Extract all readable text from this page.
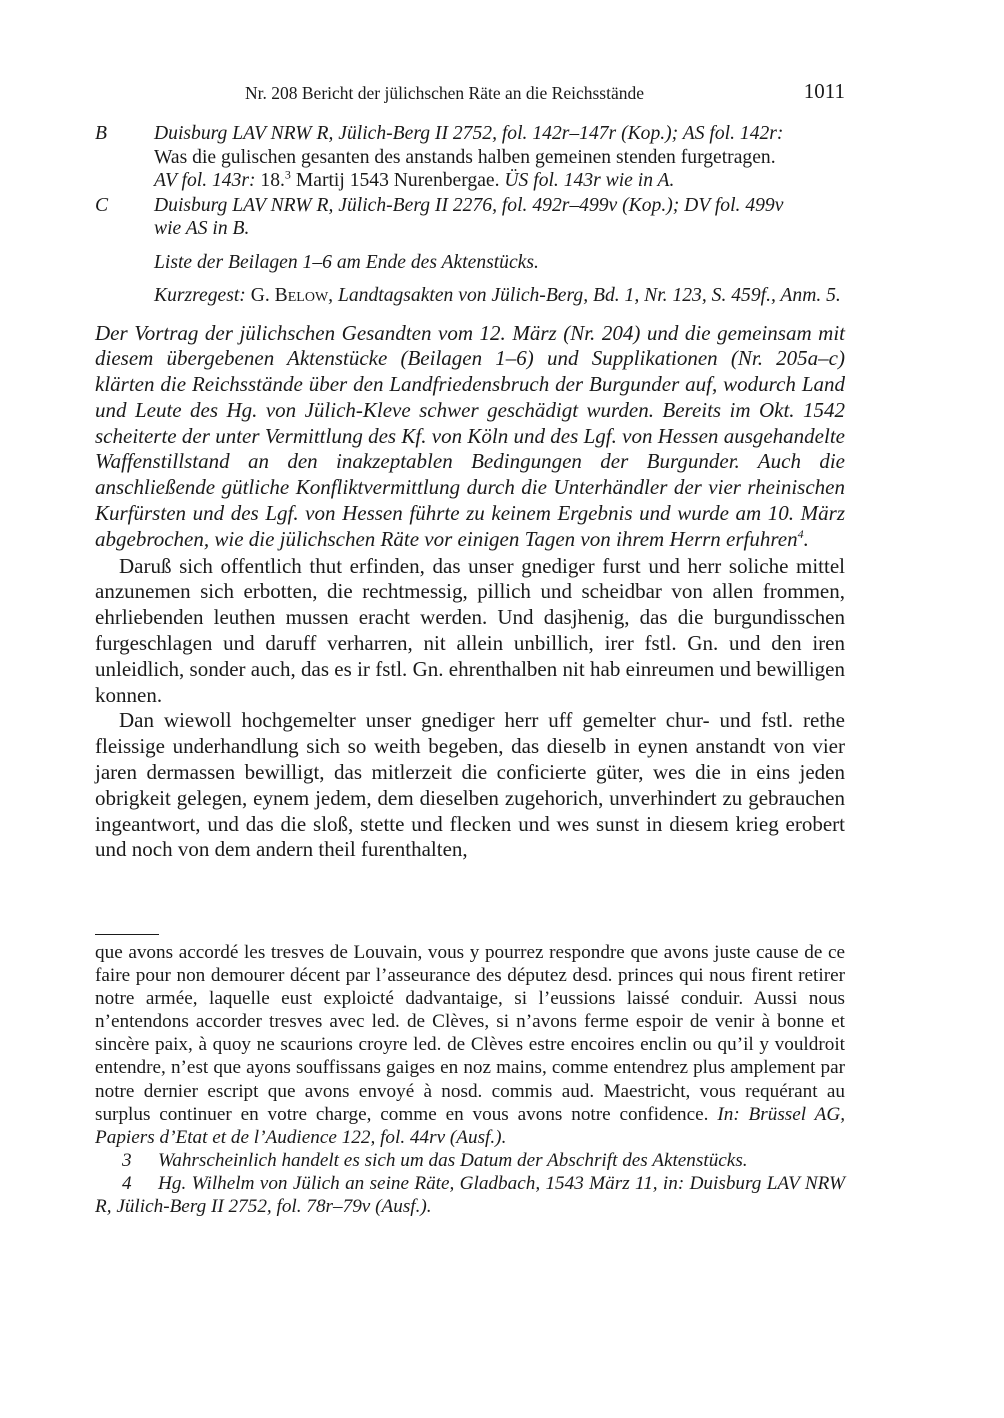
Nr. 208 Bericht der jülichschen Räte an die Reichsstände	1011
B Duisburg LAV NRW R, Jülich-Berg II 2752, fol. 142r–147r (Kop.); AS fol. 142r:
Was die gulischen gesanten des anstands halben gemeinen stenden furgetragen.
AV fol. 143r: 18.$^3$ Martij 1543 Nurenbergae. ÜS fol. 143r wie in A.
C Duisburg LAV NRW R, Jülich-Berg II 2276, fol. 492r–499v (Kop.); DV fol. 499v
wie AS in B.
Liste der Beilagen 1–6 am Ende des Aktenstücks.
Kurzregest: G. Below, Landtagsakten von Jülich-Berg, Bd. 1, Nr. 123, S. 459f., Anm. 5.
Der Vortrag der jülichschen Gesandten vom 12. März (Nr. 204) und die gemeinsam mit diesem übergebenen Aktenstücke (Beilagen 1–6) und Supplikationen (Nr. 205a–c) klärten die Reichsstände über den Landfriedensbruch der Burgunder auf, wodurch Land und Leute des Hg. von Jülich-Kleve schwer geschädigt wurden. Bereits im Okt. 1542 scheiterte der unter Vermittlung des Kf. von Köln und des Lgf. von Hessen ausgehandelte Waffenstillstand an den inakzeptablen Bedingungen der Burgunder. Auch die anschließende gütliche Konfliktvermittlung durch die Unterhändler der vier rheinischen Kurfürsten und des Lgf. von Hessen führte zu keinem Ergebnis und wurde am 10. März abgebrochen, wie die jülichschen Räte vor einigen Tagen von ihrem Herrn erfuhren$^4$.

Daruß sich offentlich thut erfinden, das unser gnediger furst und herr soliche mittel anzunemen sich erbotten, die rechtmessig, pillich und scheidbar von allen frommen, ehrliebenden leuthen mussen eracht werden. Und dasjhenig, das die burgundisschen furgeschlagen und daruff verharren, nit allein unbillich, irer fstl. Gn. und den iren unleidlich, sonder auch, das es ir fstl. Gn. ehrenthalben nit hab einreumen und bewilligen konnen.

Dan wiewoll hochgemelter unser gnediger herr uff gemelter chur- und fstl. rethe fleissige underhandlung sich so weith begeben, das dieselb in eynen anstandt von vier jaren dermassen bewilligt, das mitlerzeit die conficierte güter, wes die in eins jeden obrigkeit gelegen, eynem jedem, dem dieselben zugehorich, unverhindert zu gebrauchen ingeantwort, und das die sloß, stette und flecken und wes sunst in diesem krieg erobert und noch von dem andern theil furenthalten,

que avons accordé les tresves de Louvain, vous y pourrez respondre que avons juste cause de ce faire pour non demourer décent par l’asseurance des députez desd. princes qui nous firent retirer notre armée, laquelle eust exploicté dadvantaige, si l’eussions laissé conduir. Aussi nous n’entendons accorder tresves avec led. de Clèves, si n’avons ferme espoir de venir à bonne et sincère paix, à quoy ne scaurions croyre led. de Clèves estre encoires enclin ou qu’il y vouldroit entendre, n’est que ayons souffissans gaiges en noz mains, comme entendrez plus amplement par notre dernier escript que avons envoyé à nosd. commis aud. Maestricht, vous requérant au surplus continuer en votre charge, comme en vous avons notre confidence. In: Brüssel AG, Papiers d’Etat et de l’Audience 122, fol. 44rv (Ausf.).

3 Wahrscheinlich handelt es sich um das Datum der Abschrift des Aktenstücks.

4 Hg. Wilhelm von Jülich an seine Räte, Gladbach, 1543 März 11, in: Duisburg LAV NRW R, Jülich-Berg II 2752, fol. 78r–79v (Ausf.).
